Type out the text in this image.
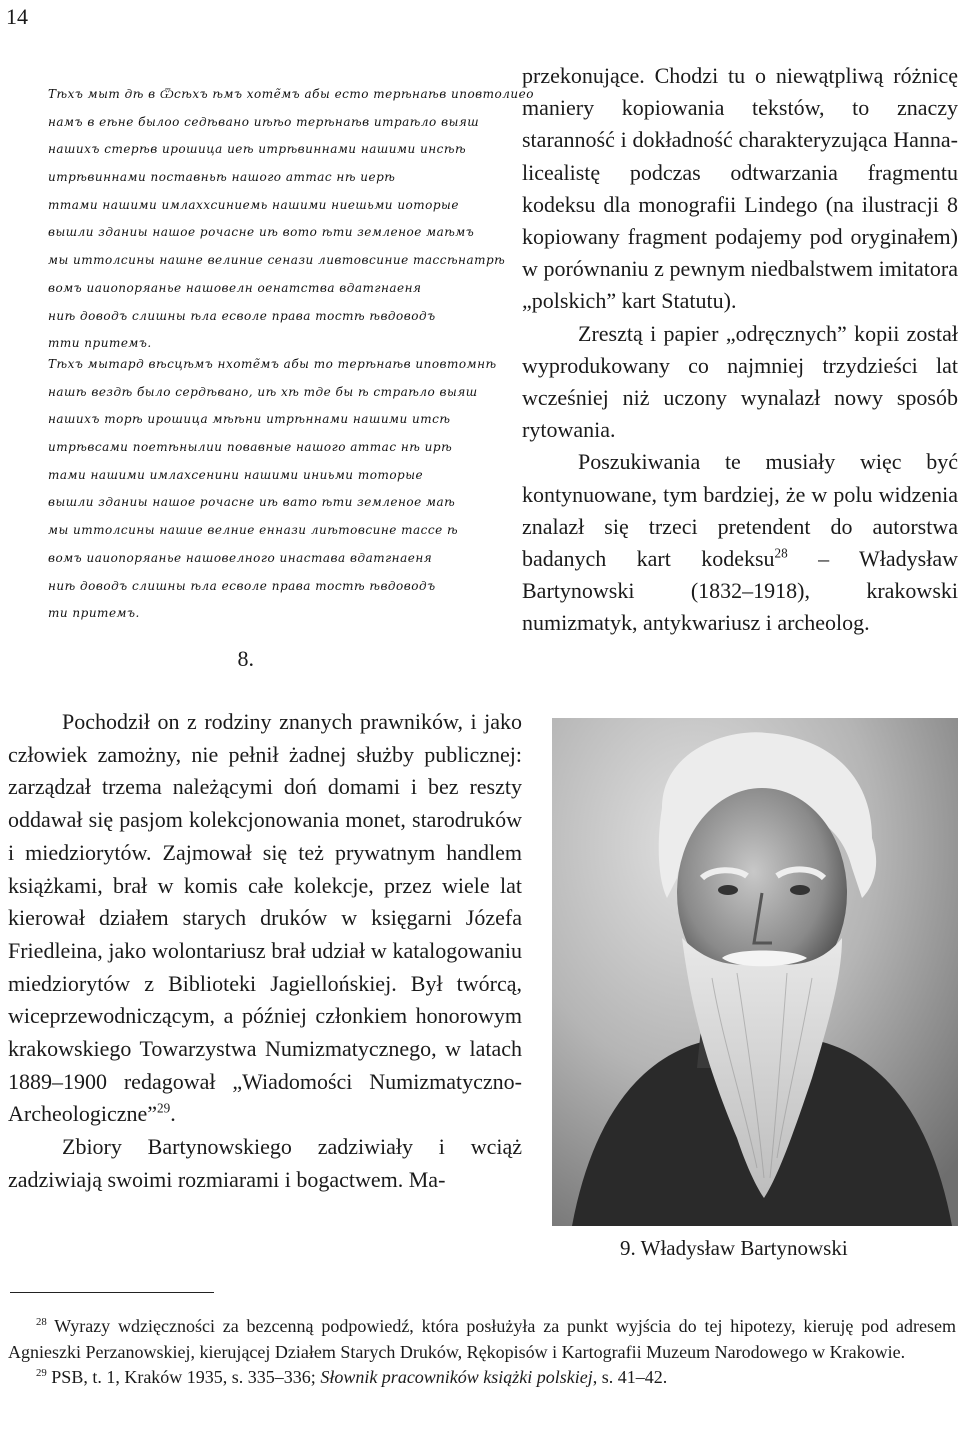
14
Тѣхъ мыт дѣ в Ѿсѣхъ ѣмъ хоте̃мъ абы есто терѣнаѣв иповтолиeо
намъ в еѣне былоо седѣвано иѣѣо терѣнаѣв итраѣло выяш
нашихъ стерѣв ирошица иеѣ итрѣвиннами нашими инсѣѣ
итрѣвиннами поставньѣ нашого аттас нѣ иерѣ
ттами нашими имлаххсиниемь нашими ниешьми иоторые
вышли зданиы нашое рочасне иѣ вото ѣти земленое маѣмъ
мы иттолсины нашне велиние сенази ливтовсиние тассѣнатрѣ
вомъ иаиопоряанье нашовелн оенатства вдатгнаеня
ниѣ доводъ слишны ѣла есволе права тостѣ ѣвдоводъ
тти притемъ.
Тѣхъ мытард вѣсцѣмъ нхоте̃мъ абы то терѣнаѣв иповтомнѣ
нашѣ вездѣ было сердѣвано, иѣ хѣ тде бы ѣ страѣло выяш
нашихъ торѣ ирошица мѣѣни итрѣннами нашими итсѣ
итрѣвсами поетѣнылии повавные нашого аттас нѣ ирѣ
тами нашими имлахсенини нашими иниьми тоторые
вышли зданиы нашое рочасне иѣ вато ѣти земленое маѣ
мы иттолсины нашие велние еннази лиѣтовсине тассе ѣ
вомъ иаиопоряанье нашовелного инастава вдатгнаеня
ниѣ доводъ слишны ѣла есволе права тостѣ ѣвдоводъ
ти притемъ.
8.

Pochodził on z rodziny znanych prawników, i jako człowiek zamożny, nie pełnił żadnej służby publicznej: zarządzał trzema należącymi doń domami i bez reszty oddawał się pasjom kolekcjonowania monet, starodruków i miedziorytów. Zajmował się też prywatnym handlem książkami, brał w komis całe kolekcje, przez wiele lat kierował działem starych druków w księgarni Józefa Friedleina, jako wolontariusz brał udział w katalogowaniu miedziorytów z Biblioteki Jagiellońskiej. Był twórcą, wiceprzewodniczącym, a później członkiem honorowym krakowskiego Towarzystwa Numizmatycznego, w latach 1889–1900 redagował „Wiadomości Numizmatyczno-Archeologiczne”$^{29}$.

Zbiory Bartynowskiego zadziwiały i wciąż zadziwiają swoimi rozmiarami i bogactwem. Ma-

przekonujące. Chodzi tu o niewątpliwą różnicę maniery kopiowania tekstów, to znaczy staranność i dokładność charakteryzująca Hanna-licealistę podczas odtwarzania fragmentu kodeksu dla monografii Lindego (na ilustracji 8 kopiowany fragment podajemy pod oryginałem) w porównaniu z pewnym niedbalstwem imitatora „polskich” kart Statutu).

Zresztą i papier „odręcznych” kopii został wyprodukowany co najmniej trzydzieści lat wcześniej niż uczony wynalazł nowy sposób rytowania.

Poszukiwania te musiały więc być kontynuowane, tym bardziej, że w polu widzenia znalazł się trzeci pretendent do autorstwa badanych kart kodeksu$^{28}$ – Władysław Bartynowski (1832–1918), krakowski numizmatyk, antykwariusz i archeolog.

9. Władysław Bartynowski

$^{28}$ Wyrazy wdzięczności za bezcenną podpowiedź, która posłużyła za punkt wyjścia do tej hipotezy, kieruję pod adresem Agnieszki Perzanowskiej, kierującej Działem Starych Druków, Rękopisów i Kartografii Muzeum Narodowego w Krakowie.

$^{29}$ PSB, t. 1, Kraków 1935, s. 335–336; Słownik pracowników książki polskiej, s. 41–42.
